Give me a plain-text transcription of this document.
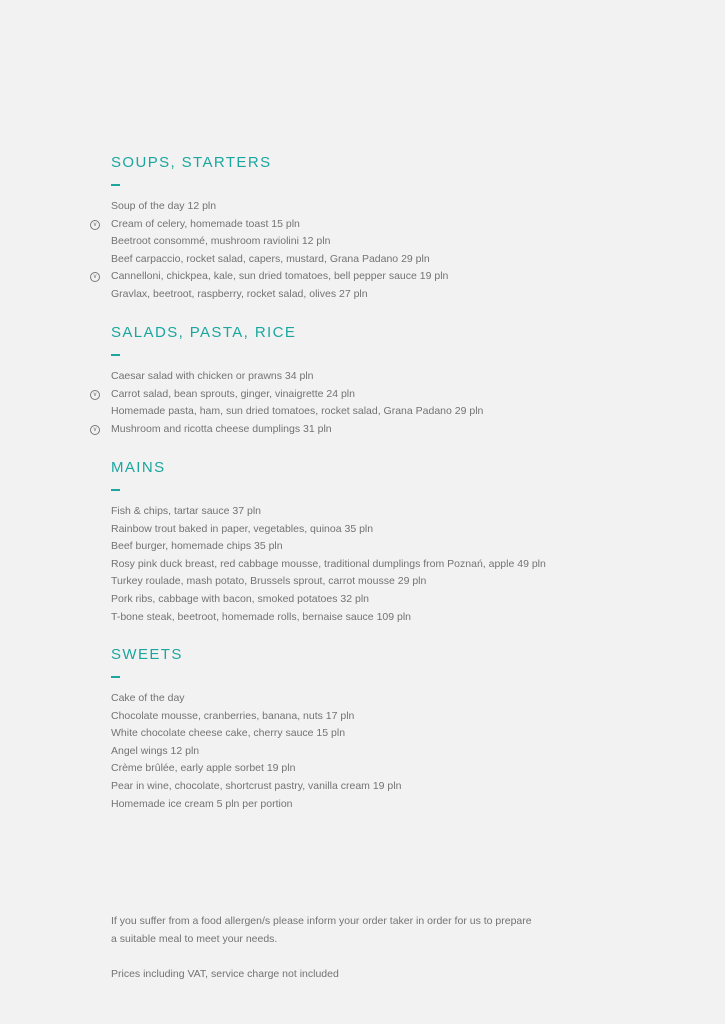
SOUPS, STARTERS
Soup of the day 12 pln
v	Cream of celery, homemade toast 15 pln
Beetroot consommé, mushroom raviolini 12 pln
Beef carpaccio, rocket salad, capers, mustard, Grana Padano 29 pln
v	Cannelloni, chickpea, kale, sun dried tomatoes, bell pepper sauce 19 pln
Gravlax, beetroot, raspberry, rocket salad, olives 27 pln
SALADS, PASTA, RICE
Caesar salad with chicken or prawns 34 pln
v	Carrot salad, bean sprouts, ginger, vinaigrette 24 pln
Homemade pasta, ham, sun dried tomatoes, rocket salad, Grana Padano 29 pln
v	Mushroom and ricotta cheese dumplings 31 pln
MAINS
Fish & chips, tartar sauce 37 pln
Rainbow trout baked in paper, vegetables, quinoa 35 pln
Beef burger, homemade chips 35 pln
Rosy pink duck breast, red cabbage mousse, traditional dumplings from Poznań, apple 49 pln
Turkey roulade, mash potato, Brussels sprout, carrot mousse 29 pln
Pork ribs, cabbage with bacon, smoked potatoes 32 pln
T-bone steak, beetroot, homemade rolls, bernaise sauce 109 pln
SWEETS
Cake of the day
Chocolate mousse, cranberries, banana, nuts 17 pln
White chocolate cheese cake, cherry sauce 15 pln
Angel wings 12 pln
Crème brûlée, early apple sorbet 19 pln
Pear in wine, chocolate, shortcrust pastry, vanilla cream 19 pln
Homemade ice cream 5 pln per portion
If you suffer from a food allergen/s please inform your order taker in order for us to prepare
a suitable meal to meet your needs.
Prices including VAT, service charge not included
